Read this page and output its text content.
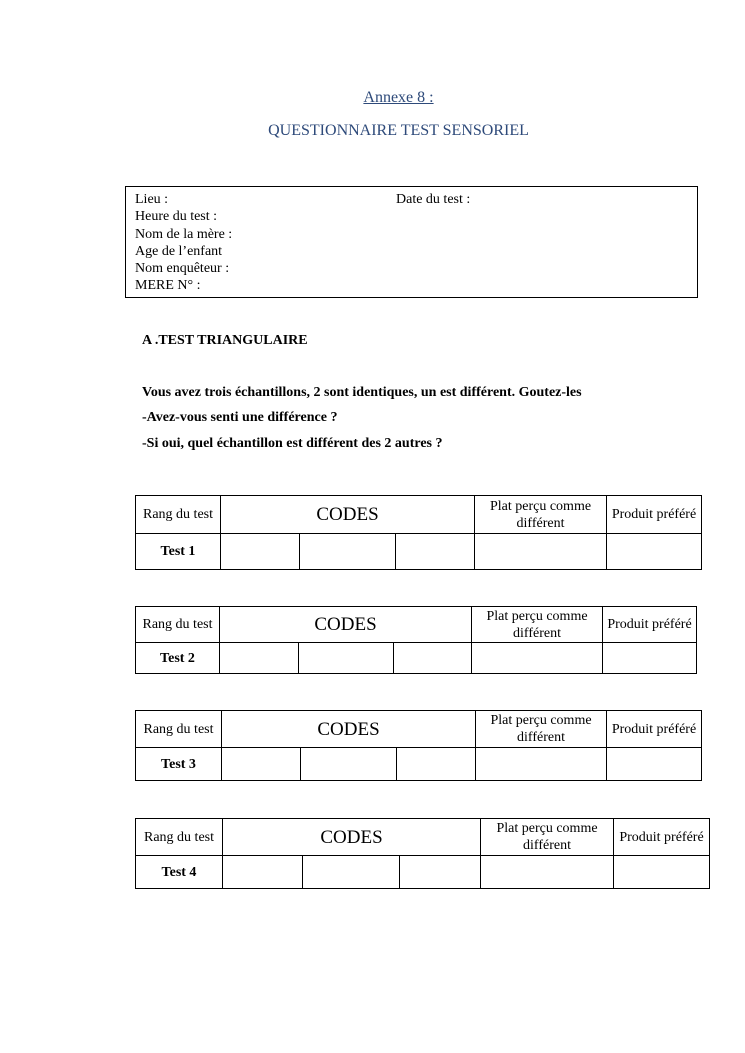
Annexe 8 :
QUESTIONNAIRE TEST SENSORIEL
Lieu :
Heure du test :
Nom de la mère :
Age de l’enfant
Nom enquêteur :
MERE N° :
Date du test :
A .TEST TRIANGULAIRE
Vous avez trois échantillons, 2 sont identiques, un est différent. Goutez-les
-Avez-vous senti une différence ?
-Si oui, quel échantillon est différent des 2 autres ?
Rang du test	CODES			Plat perçu comme différent	Produit préféré
Test 1					
Rang du test	CODES			Plat perçu comme différent	Produit préféré
Test 2					
Rang du test	CODES			Plat perçu comme différent	Produit préféré
Test 3					
Rang du test	CODES			Plat perçu comme différent	Produit préféré
Test 4					
